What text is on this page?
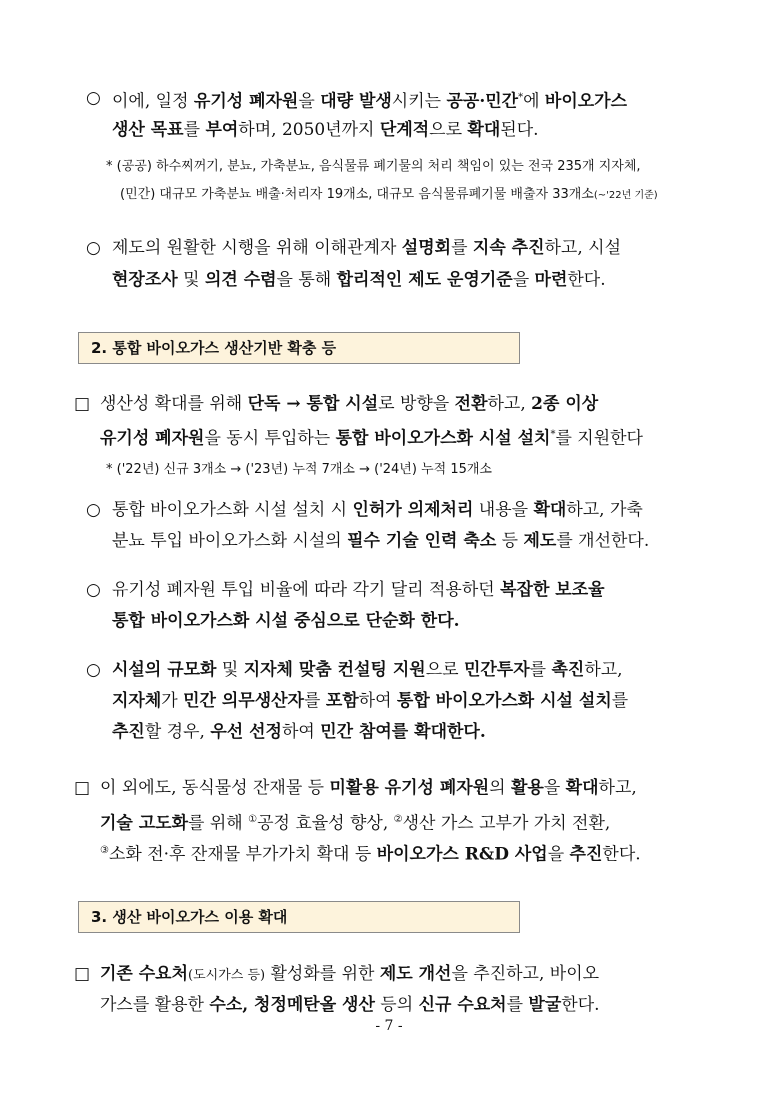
○ 이에, 일정 유기성 폐자원을 대량 발생시키는 공공·민간*에 바이오가스
생산 목표를 부여하며, 2050년까지 단계적으로 확대된다.
* (공공) 하수찌꺼기, 분뇨, 가축분뇨, 음식물류 폐기물의 처리 책임이 있는 전국 235개 지자체,
(민간) 대규모 가축분뇨 배출·처리자 19개소, 대규모 음식물류폐기물 배출자 33개소(~'22년 기준)
○ 제도의 원활한 시행을 위해 이해관계자 설명회를 지속 추진하고, 시설
현장조사 및 의견 수렴을 통해 합리적인 제도 운영기준을 마련한다.
2. 통합 바이오가스 생산기반 확충 등
□ 생산성 확대를 위해 단독 → 통합 시설로 방향을 전환하고, 2종 이상
유기성 폐자원을 동시 투입하는 통합 바이오가스화 시설 설치*를 지원한다
* ('22년) 신규 3개소 → ('23년) 누적 7개소 → ('24년) 누적 15개소
○ 통합 바이오가스화 시설 설치 시 인허가 의제처리 내용을 확대하고, 가축
분뇨 투입 바이오가스화 시설의 필수 기술 인력 축소 등 제도를 개선한다.
○ 유기성 폐자원 투입 비율에 따라 각기 달리 적용하던 복잡한 보조율
통합 바이오가스화 시설 중심으로 단순화 한다.
○ 시설의 규모화 및 지자체 맞춤 컨설팅 지원으로 민간투자를 촉진하고,
지자체가 민간 의무생산자를 포함하여 통합 바이오가스화 시설 설치를
추진할 경우, 우선 선정하여 민간 참여를 확대한다.
□ 이 외에도, 동식물성 잔재물 등 미활용 유기성 폐자원의 활용을 확대하고,
기술 고도화를 위해 ①공정 효율성 향상, ②생산 가스 고부가 가치 전환,
③소화 전·후 잔재물 부가가치 확대 등 바이오가스 R&D 사업을 추진한다.
3. 생산 바이오가스 이용 확대
□ 기존 수요처(도시가스 등) 활성화를 위한 제도 개선을 추진하고, 바이오
가스를 활용한 수소, 청정메탄올 생산 등의 신규 수요처를 발굴한다.
- 7 -
